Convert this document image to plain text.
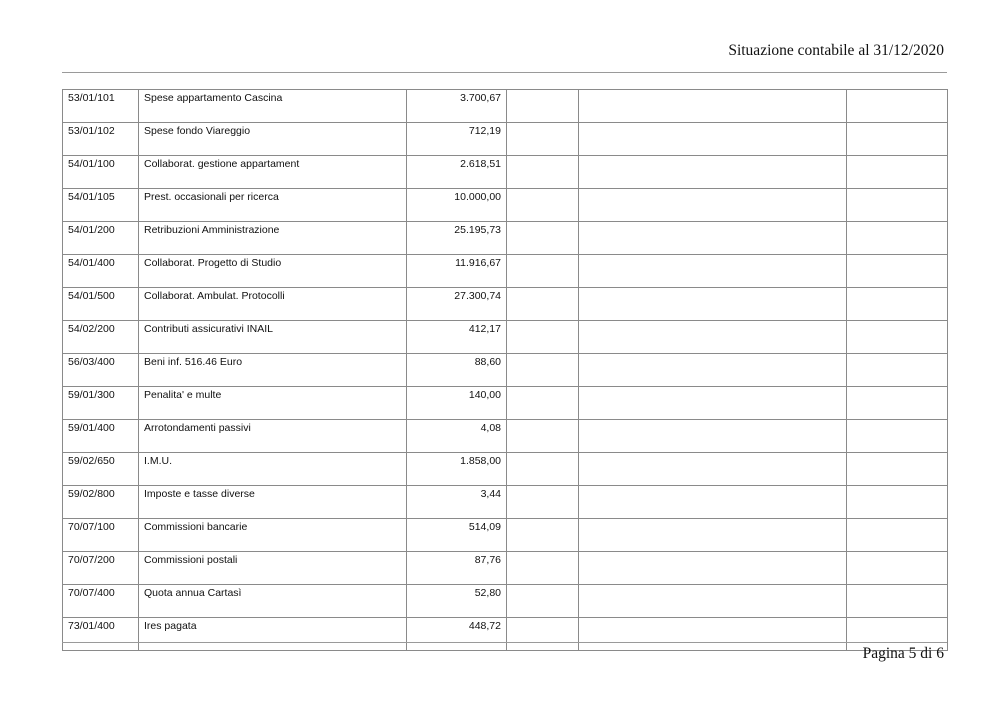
Situazione contabile al 31/12/2020
53/01/101	Spese appartamento Cascina	3.700,67			
53/01/102	Spese fondo Viareggio	712,19			
54/01/100	Collaborat. gestione appartament	2.618,51			
54/01/105	Prest. occasionali per ricerca	10.000,00			
54/01/200	Retribuzioni Amministrazione	25.195,73			
54/01/400	Collaborat. Progetto di Studio	11.916,67			
54/01/500	Collaborat. Ambulat. Protocolli	27.300,74			
54/02/200	Contributi assicurativi INAIL	412,17			
56/03/400	Beni inf. 516.46 Euro	88,60			
59/01/300	Penalita' e multe	140,00			
59/01/400	Arrotondamenti passivi	4,08			
59/02/650	I.M.U.	1.858,00			
59/02/800	Imposte e tasse diverse	3,44			
70/07/100	Commissioni bancarie	514,09			
70/07/200	Commissioni postali	87,76			
70/07/400	Quota annua Cartasì	52,80			
73/01/400	Ires pagata	448,72			
Pagina 5 di 6
